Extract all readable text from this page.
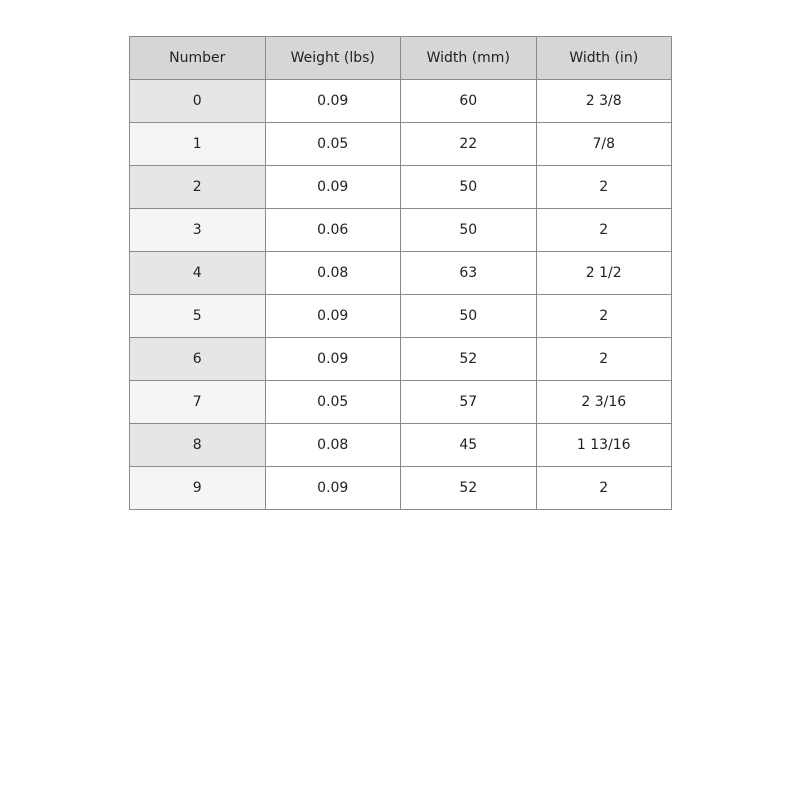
Number	Weight (lbs)	Width (mm)	Width (in)
0	0.09	60	2 3/8
1	0.05	22	7/8
2	0.09	50	2
3	0.06	50	2
4	0.08	63	2 1/2
5	0.09	50	2
6	0.09	52	2
7	0.05	57	2 3/16
8	0.08	45	1 13/16
9	0.09	52	2
